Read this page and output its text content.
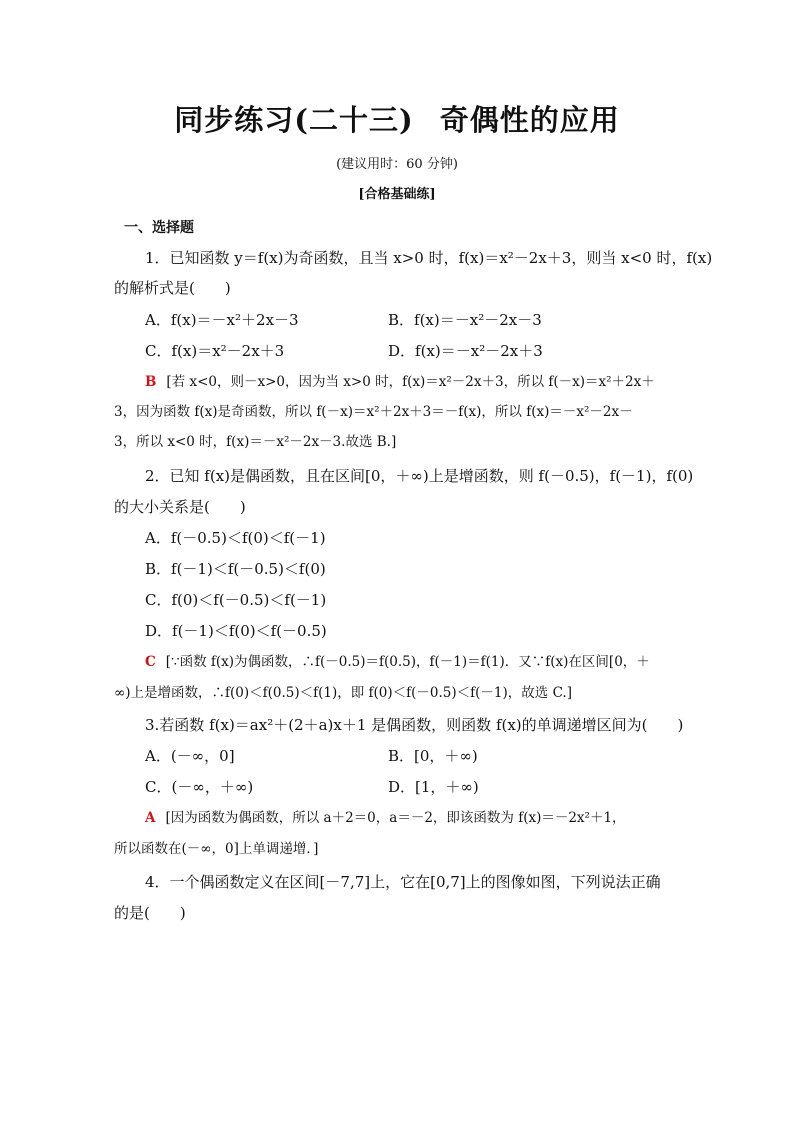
同步练习(二十三) 奇偶性的应用
(建议用时：60 分钟)
[合格基础练]
一、选择题
1．已知函数 y＝f(x)为奇函数，且当 x>0 时，f(x)＝x²－2x＋3，则当 x<0 时，f(x)
的解析式是(　　)
A．f(x)＝－x²＋2x－3	B．f(x)＝－x²－2x－3
C．f(x)＝x²－2x＋3	D．f(x)＝－x²－2x＋3
B [若 x<0，则－x>0，因为当 x>0 时，f(x)＝x²－2x＋3，所以 f(－x)＝x²＋2x＋
3，因为函数 f(x)是奇函数，所以 f(－x)＝x²＋2x＋3＝－f(x)，所以 f(x)＝－x²－2x－
3，所以 x<0 时，f(x)＝－x²－2x－3.故选 B.]
2．已知 f(x)是偶函数，且在区间[0，＋∞)上是增函数，则 f(－0.5)，f(－1)，f(0)
的大小关系是(　　)
A．f(－0.5)＜f(0)＜f(－1)
B．f(－1)＜f(－0.5)＜f(0)
C．f(0)＜f(－0.5)＜f(－1)
D．f(－1)＜f(0)＜f(－0.5)
C [∵函数 f(x)为偶函数，∴f(－0.5)＝f(0.5)，f(－1)＝f(1)．又∵f(x)在区间[0，＋
∞)上是增函数，∴f(0)＜f(0.5)＜f(1)，即 f(0)＜f(－0.5)＜f(－1)，故选 C.]
3.若函数 f(x)＝ax²＋(2＋a)x＋1 是偶函数，则函数 f(x)的单调递增区间为(　　)
A．(－∞，0]	B．[0，＋∞)
C．(－∞，＋∞)	D．[1，＋∞)
A [因为函数为偶函数，所以 a＋2＝0，a＝－2，即该函数为 f(x)＝－2x²＋1，
所以函数在(－∞，0]上单调递增．]
4．一个偶函数定义在区间[－7,7]上，它在[0,7]上的图像如图，下列说法正确
的是(　　)
